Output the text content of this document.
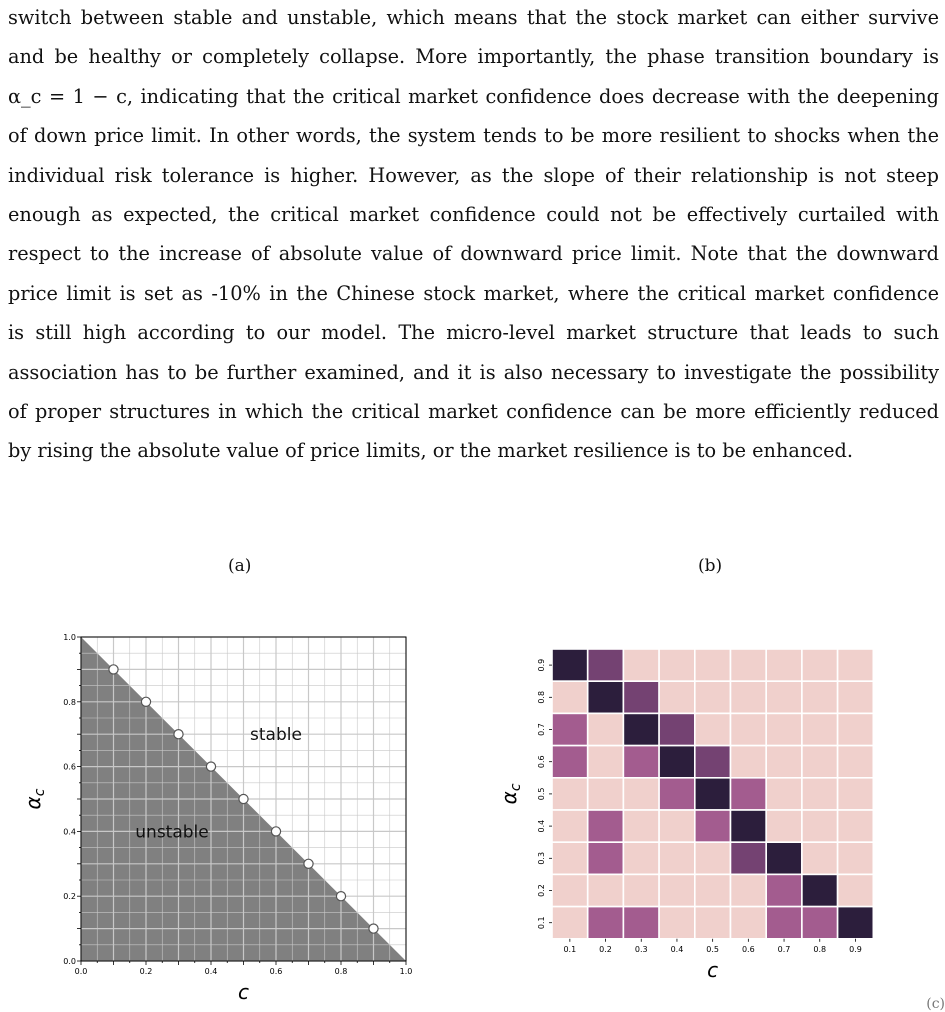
switch between stable and unstable, which means that the stock market can either survive
and be healthy or completely collapse. More importantly, the phase transition boundary is
α_c = 1 − c, indicating that the critical market confidence does decrease with the deepening
of down price limit. In other words, the system tends to be more resilient to shocks when the
individual risk tolerance is higher. However, as the slope of their relationship is not steep
enough as expected, the critical market confidence could not be effectively curtailed with
respect to the increase of absolute value of downward price limit. Note that the downward
price limit is set as -10% in the Chinese stock market, where the critical market confidence
is still high according to our model. The micro-level market structure that leads to such
association has to be further examined, and it is also necessary to investigate the possibility
of proper structures in which the critical market confidence can be more efficiently reduced
by rising the absolute value of price limits, or the market resilience is to be enhanced.
(a)	(b)
0.0	0.2	0.4	0.6	0.8	1.0
0.0
0.2
0.4
0.6
0.8
1.0
stable
unstable
c
$\alpha_c$
0.1	0.2	0.3	0.4	0.5	0.6	0.7	0.8	0.9
0.9
0.8
0.7
0.6
0.5
0.4
0.3
0.2
0.1
c
$\alpha_c$
(c)
